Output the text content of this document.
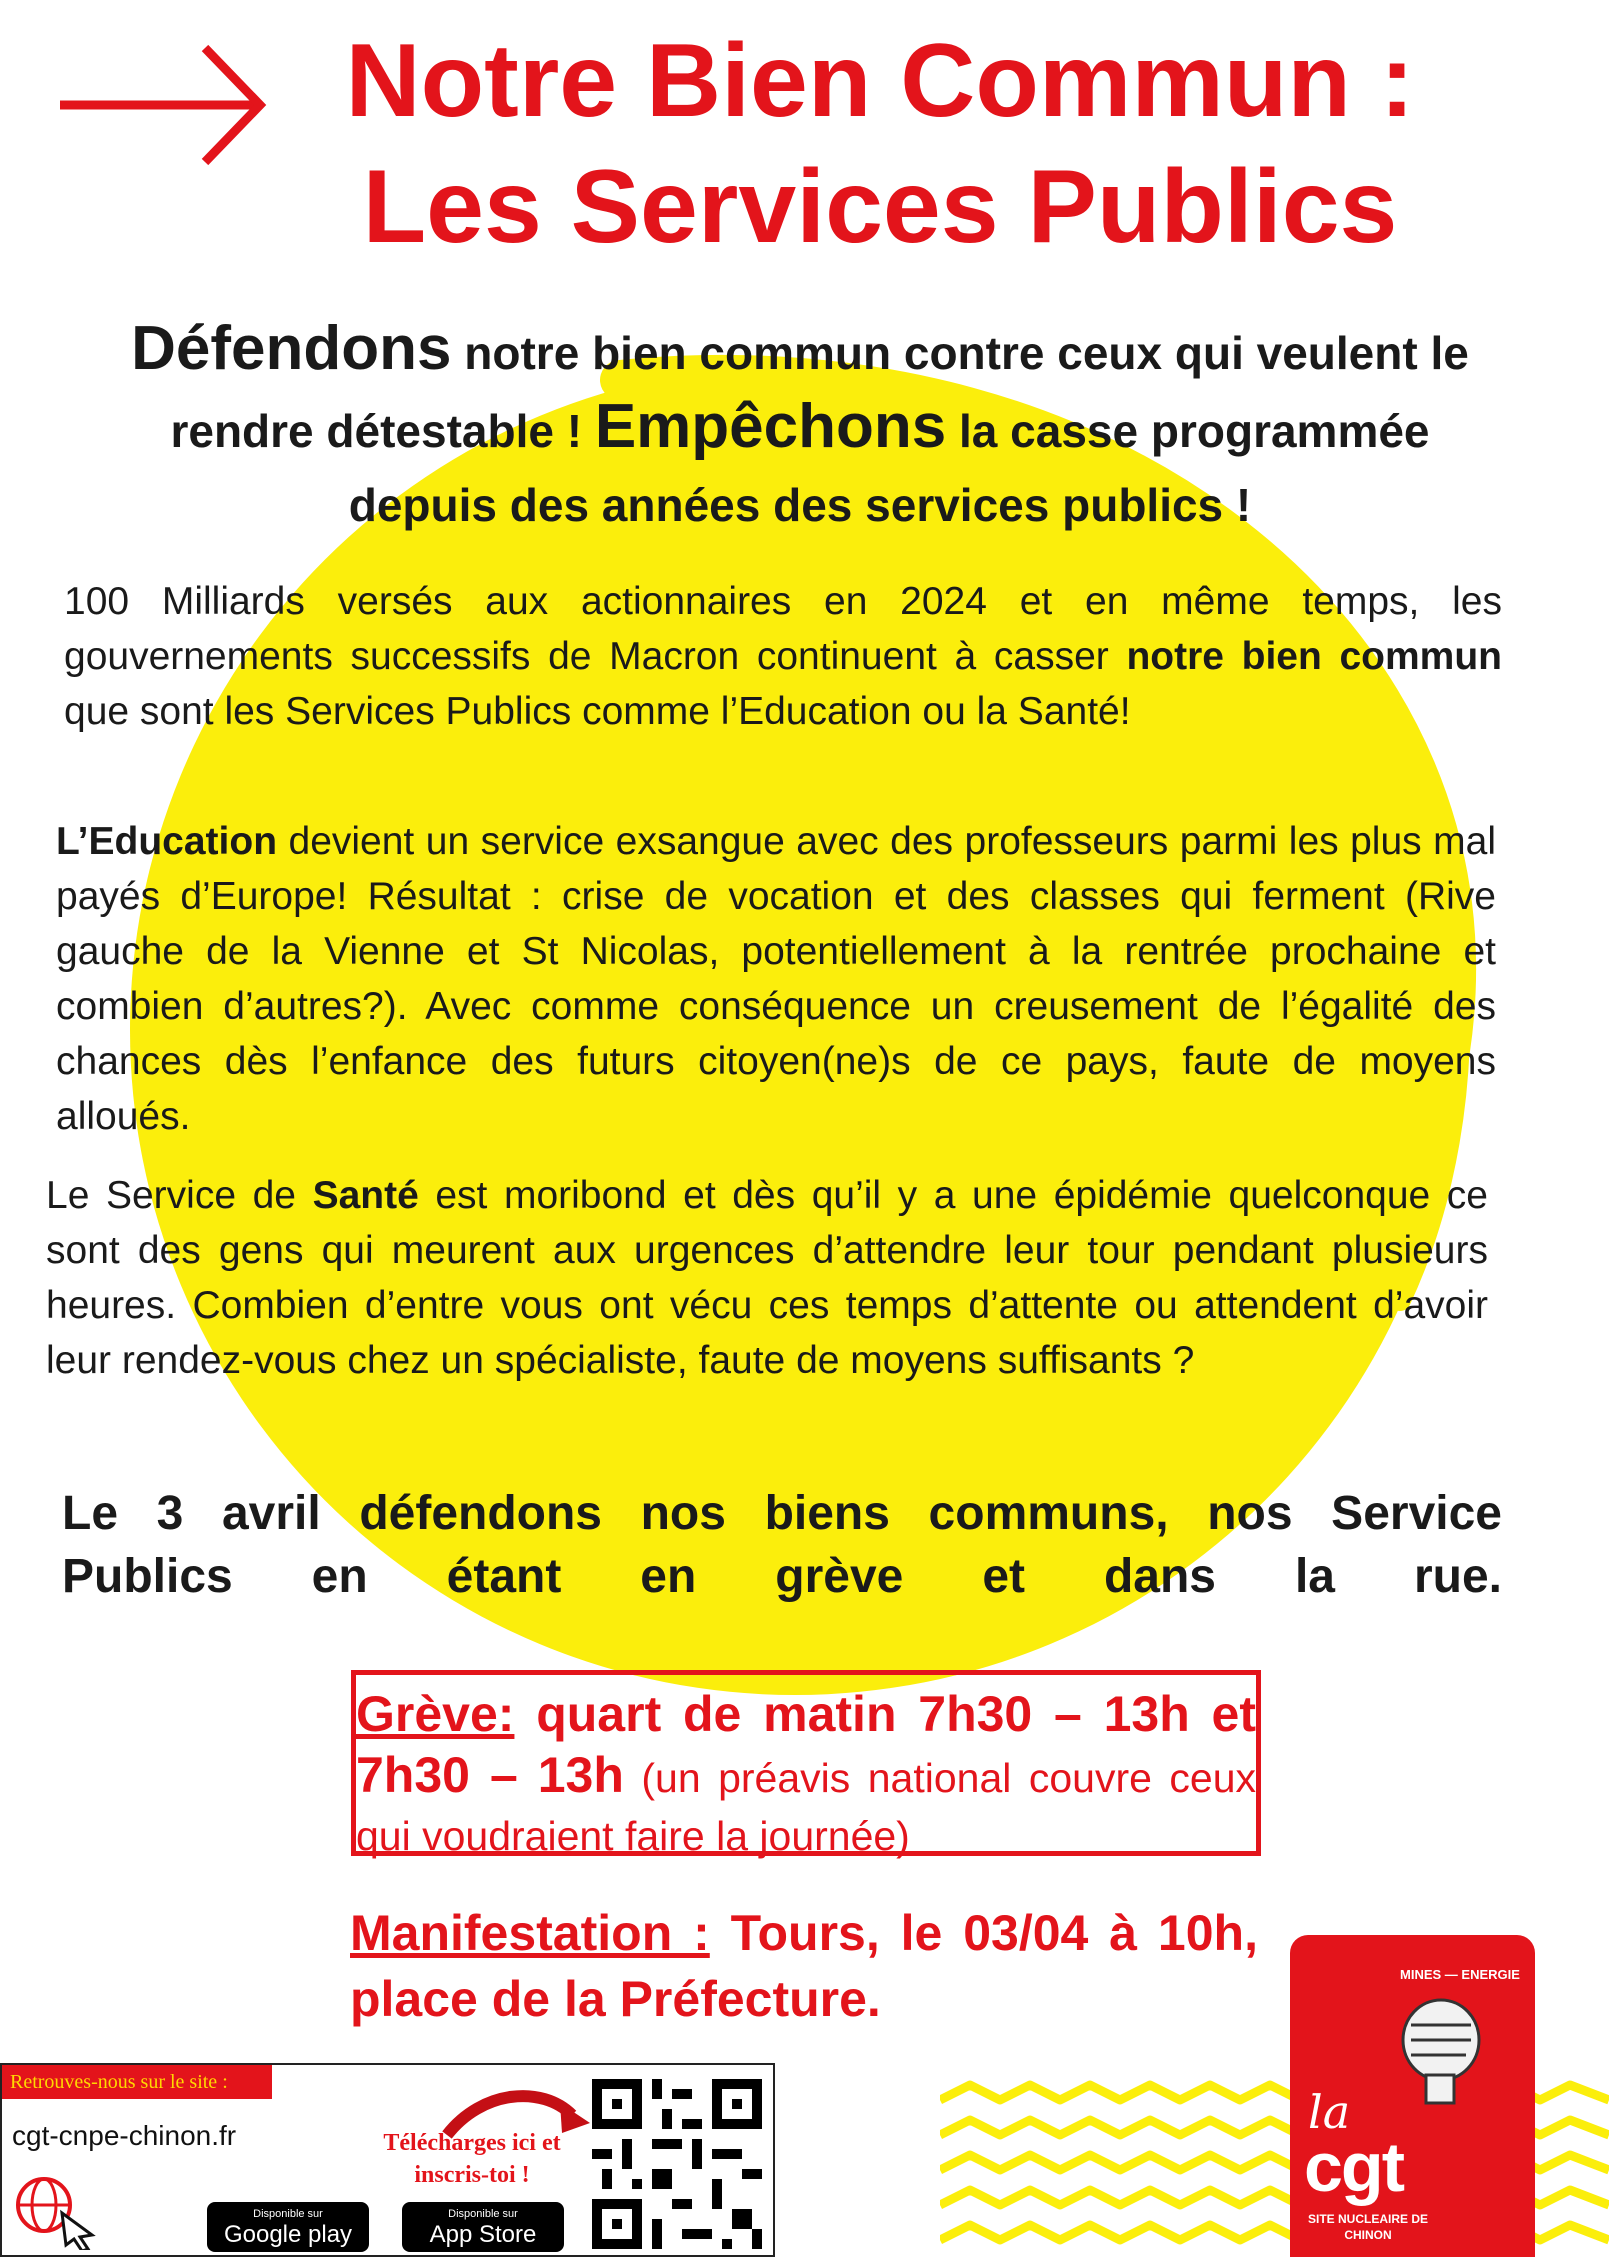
Notre Bien Commun :
Les Services Publics
Défendons notre bien commun contre ceux qui veulent le rendre détestable ! Empêchons la casse programmée depuis des années des services publics !

100 Milliards versés aux actionnaires en 2024 et en même temps, les gouvernements successifs de Macron continuent à casser notre bien commun que sont les Services Publics comme l’Education ou la Santé!

L’Education devient un service exsangue avec des professeurs parmi les plus mal payés d’Europe! Résultat : crise de vocation et des classes qui ferment (Rive gauche de la Vienne et St Nicolas, potentiellement à la rentrée prochaine et combien d’autres?). Avec comme conséquence un creusement de l’égalité des chances dès l’enfance des futurs citoyen(ne)s de ce pays, faute de moyens alloués.

Le Service de Santé est moribond et dès qu’il y a une épidémie quelconque ce sont des gens qui meurent aux urgences d’attendre leur tour pendant plusieurs heures. Combien d’entre vous ont vécu ces temps d’attente ou attendent d’avoir leur rendez-vous chez un spécialiste, faute de moyens suffisants ?

Le 3 avril défendons nos biens communs, nos Service
Publics en étant en grève et dans la rue.

Grève: quart de matin 7h30 – 13h et 7h30 – 13h (un préavis national couvre ceux qui voudraient faire la journée)

Manifestation : Tours, le 03/04 à 10h, place de la Préfecture.	MINES — ENERGIE
la
cgt
SITE NUCLEAIRE DE CHINON
Retrouves-nous sur le site :
cgt-cnpe-chinon.fr	Télécharges ici et inscris-toi !
Disponible sur
Google play
Disponible sur
App Store
